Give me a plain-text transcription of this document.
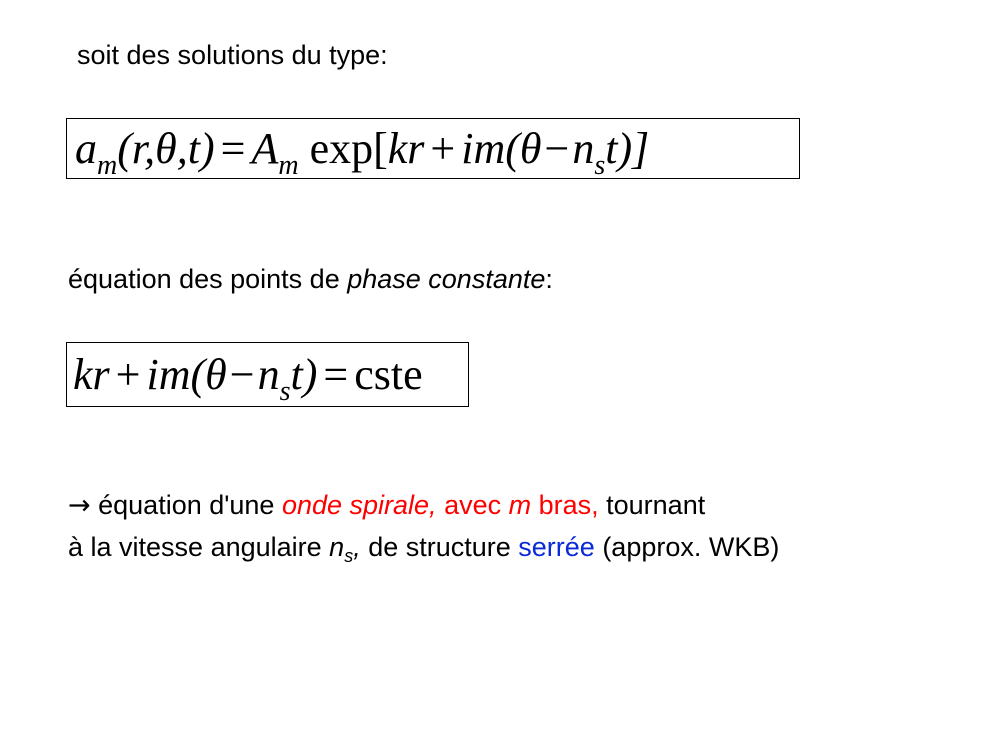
soit des solutions du type:
$a_m(r,\theta,t) = A_m$ $\exp[kr + im(\theta-n_st)]$
équation des points de phase constante:
kr + $im(\theta-n_st)$ = cste
→ équation d'une onde spirale, avec m bras, tournant
à la vitesse angulaire $n_s$, de structure serrée (approx. WKB)
